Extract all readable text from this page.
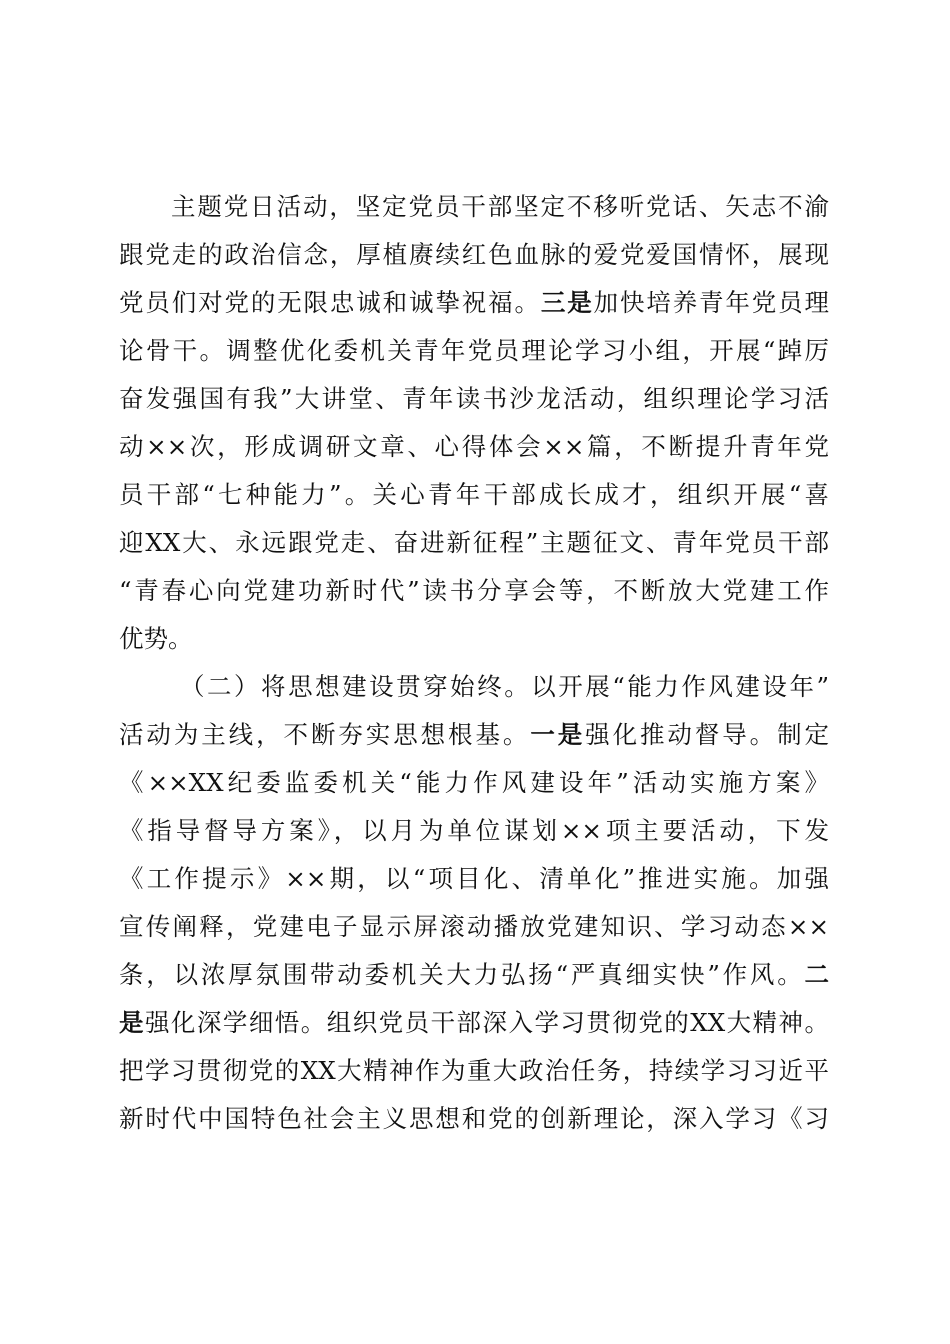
主题党日活动，坚定党员干部坚定不移听党话、矢志不渝
跟党走的政治信念，厚植赓续红色血脉的爱党爱国情怀，展现
党员们对党的无限忠诚和诚挚祝福。三是加快培养青年党员理
论骨干。调整优化委机关青年党员理论学习小组，开展“踔厉
奋发强国有我”大讲堂、青年读书沙龙活动，组织理论学习活
动××次，形成调研文章、心得体会××篇，不断提升青年党
员干部“七种能力”。关心青年干部成长成才，组织开展“喜
迎XX大、永远跟党走、奋进新征程”主题征文、青年党员干部
“青春心向党建功新时代”读书分享会等，不断放大党建工作
优势。
（二）将思想建设贯穿始终。以开展“能力作风建设年”
活动为主线，不断夯实思想根基。一是强化推动督导。制定
《××XX纪委监委机关“能力作风建设年”活动实施方案》
《指导督导方案》，以月为单位谋划××项主要活动，下发
《工作提示》××期，以“项目化、清单化”推进实施。加强
宣传阐释，党建电子显示屏滚动播放党建知识、学习动态××
条，以浓厚氛围带动委机关大力弘扬“严真细实快”作风。二
是强化深学细悟。组织党员干部深入学习贯彻党的XX大精神。
把学习贯彻党的XX大精神作为重大政治任务，持续学习习近平
新时代中国特色社会主义思想和党的创新理论，深入学习《习
